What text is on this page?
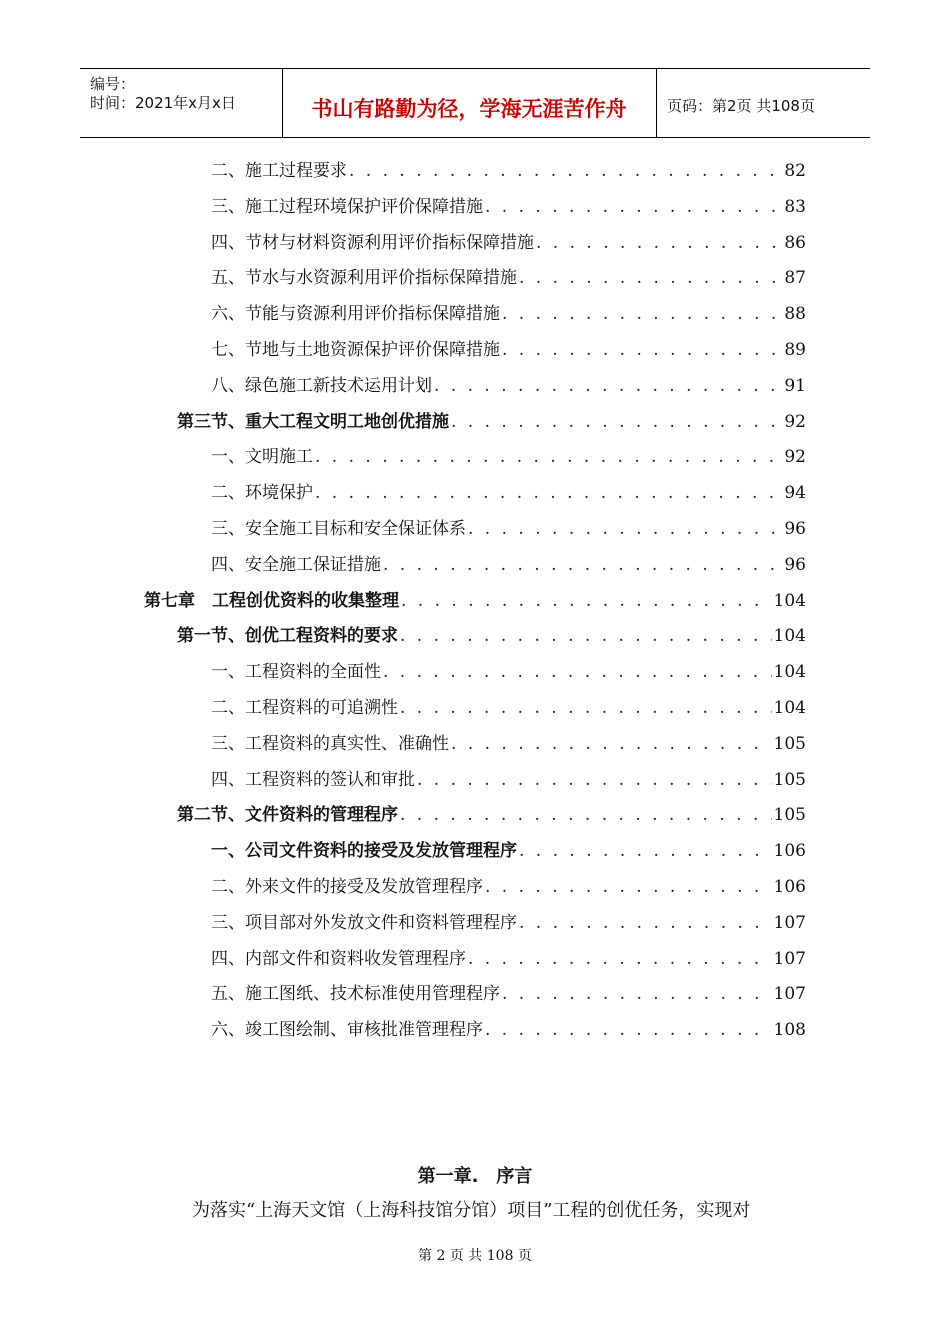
编号：
时间：2021年x月x日	书山有路勤为径，学海无涯苦作舟	页码：第2页 共108页
二、施工过程要求 . . .	82
三、施工过程环境保护评价保障措施 . . .	83
四、节材与材料资源利用评价指标保障措施 . . .	86
五、节水与水资源利用评价指标保障措施 . . .	87
六、节能与资源利用评价指标保障措施 . . .	88
七、节地与土地资源保护评价保障措施 . . .	89
八、绿色施工新技术运用计划 . . .	91
第三节、重大工程文明工地创优措施 . . .	92
一、文明施工 . . .	92
二、环境保护 . . .	94
三、安全施工目标和安全保证体系 . . .	96
四、安全施工保证措施 . . .	96
第七章　工程创优资料的收集整理 . . .	104
第一节、创优工程资料的要求 . . .	104
一、工程资料的全面性 . . .	104
二、工程资料的可追溯性 . . .	104
三、工程资料的真实性、准确性 . . .	105
四、工程资料的签认和审批 . . .	105
第二节、文件资料的管理程序 . . .	105
一、公司文件资料的接受及发放管理程序 . . .	106
二、外来文件的接受及发放管理程序 . . .	106
三、项目部对外发放文件和资料管理程序 . . .	107
四、内部文件和资料收发管理程序 . . .	107
五、施工图纸、技术标准使用管理程序 . . .	107
六、竣工图绘制、审核批准管理程序 . . .	108
第一章.　序言
为落实“上海天文馆（上海科技馆分馆）项目”工程的创优任务，实现对
第 2 页 共 108 页
